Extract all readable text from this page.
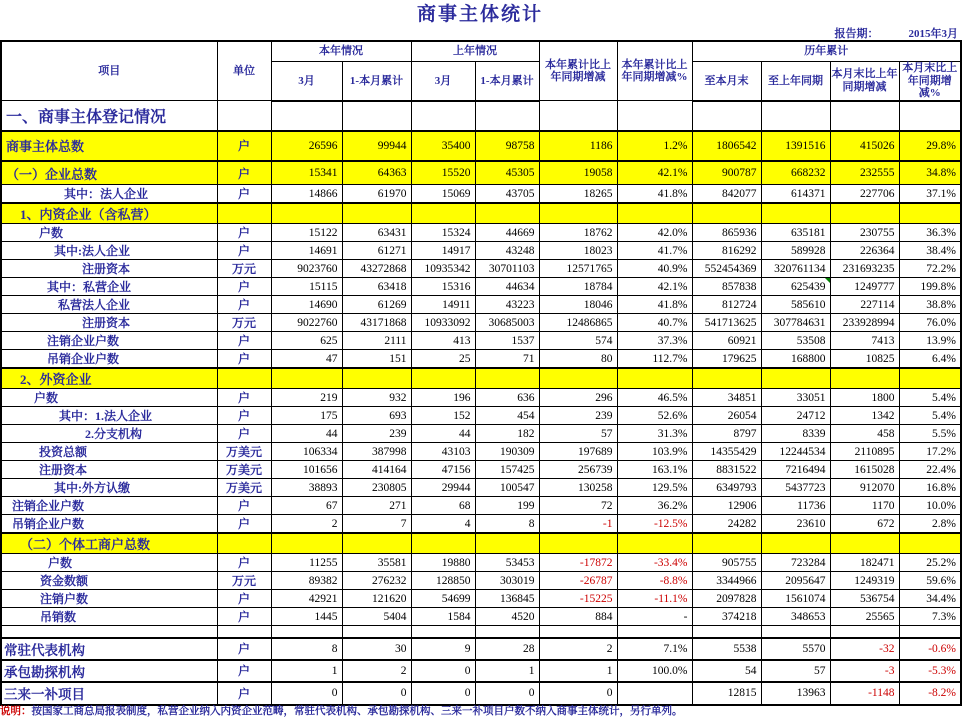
商事主体统计
报告期：	2015年3月
项目	单位	本年情况		上年情况		本年累计比上年同期增减	本年累计比上年同期增减%	历年累计			
		3月	1-本月累计	3月	1-本月累计			至本月末	至上年同期	本月末比上年同期增减	本月末比上年同期增减%
一、商事主体登记情况											
商事主体总数	户	26596	99944	35400	98758	1186	1.2%	1806542	1391516	415026	29.8%
（一）企业总数	户	15341	64363	15520	45305	19058	42.1%	900787	668232	232555	34.8%
其中：法人企业	户	14866	61970	15069	43705	18265	41.8%	842077	614371	227706	37.1%
1、内资企业（含私营）											
户数	户	15122	63431	15324	44669	18762	42.0%	865936	635181	230755	36.3%
其中:法人企业	户	14691	61271	14917	43248	18023	41.7%	816292	589928	226364	38.4%
注册资本	万元	9023760	43272868	10935342	30701103	12571765	40.9%	552454369	320761134	231693235	72.2%
其中：私营企业	户	15115	63418	15316	44634	18784	42.1%	857838	625439	1249777	199.8%
私营法人企业	户	14690	61269	14911	43223	18046	41.8%	812724	585610	227114	38.8%
注册资本	万元	9022760	43171868	10933092	30685003	12486865	40.7%	541713625	307784631	233928994	76.0%
注销企业户数	户	625	2111	413	1537	574	37.3%	60921	53508	7413	13.9%
吊销企业户数	户	47	151	25	71	80	112.7%	179625	168800	10825	6.4%
2、外资企业											
户数	户	219	932	196	636	296	46.5%	34851	33051	1800	5.4%
其中：1.法人企业	户	175	693	152	454	239	52.6%	26054	24712	1342	5.4%
2.分支机构	户	44	239	44	182	57	31.3%	8797	8339	458	5.5%
投资总额	万美元	106334	387998	43103	190309	197689	103.9%	14355429	12244534	2110895	17.2%
注册资本	万美元	101656	414164	47156	157425	256739	163.1%	8831522	7216494	1615028	22.4%
其中:外方认缴	万美元	38893	230805	29944	100547	130258	129.5%	6349793	5437723	912070	16.8%
注销企业户数	户	67	271	68	199	72	36.2%	12906	11736	1170	10.0%
吊销企业户数	户	2	7	4	8	-1	-12.5%	24282	23610	672	2.8%
（二）个体工商户总数											
户数	户	11255	35581	19880	53453	-17872	-33.4%	905755	723284	182471	25.2%
资金数额	万元	89382	276232	128850	303019	-26787	-8.8%	3344966	2095647	1249319	59.6%
注销户数	户	42921	121620	54699	136845	-15225	-11.1%	2097828	1561074	536754	34.4%
吊销数	户	1445	5404	1584	4520	884	-	374218	348653	25565	7.3%

常驻代表机构	户	8	30	9	28	2	7.1%	5538	5570	-32	-0.6%
承包勘探机构	户	1	2	0	1	1	100.0%	54	57	-3	-5.3%
三来一补项目	户	0	0	0	0	0		12815	13963	-1148	-8.2%
说明：按国家工商总局报表制度，私营企业纳入内资企业范畴，常驻代表机构、承包勘探机构、三来一补项目户数不纳入商事主体统计，另行单列。
